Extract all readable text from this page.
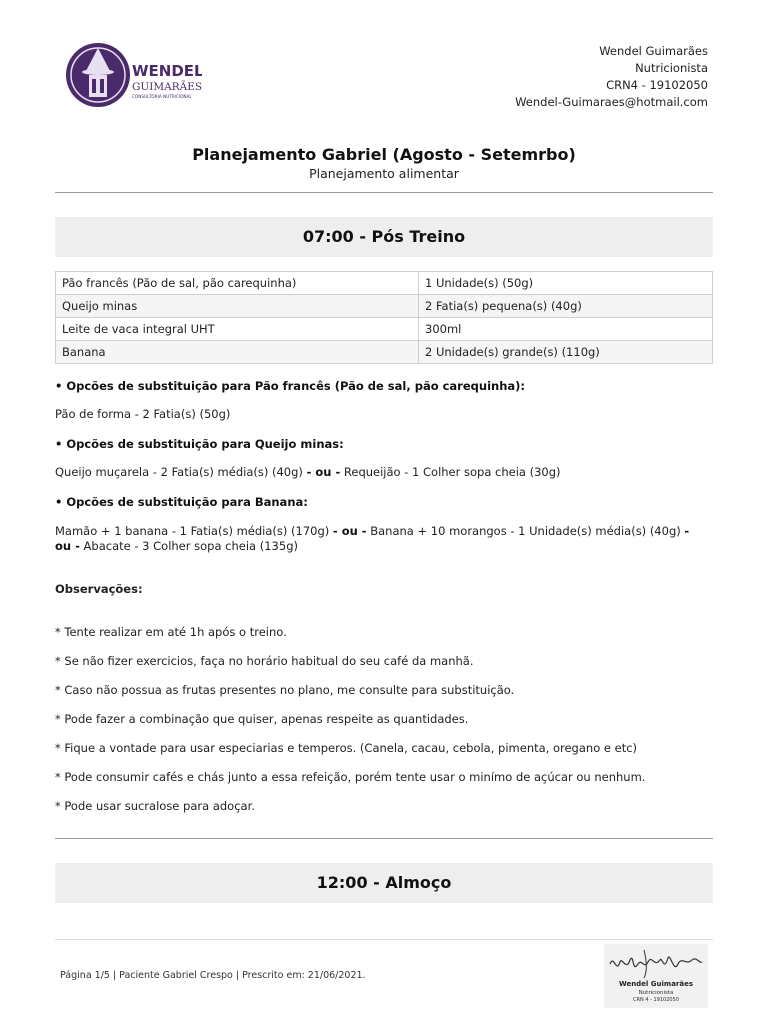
WENDEL
GUIMARÃES
CONSULTORIA NUTRICIONAL
Wendel Guimarães
Nutricionista
CRN4 - 19102050
Wendel-Guimaraes@hotmail.com
Planejamento Gabriel (Agosto - Setemrbo)
Planejamento alimentar
07:00 - Pós Treino
Pão francês (Pão de sal, pão carequinha)	1 Unidade(s) (50g)
Queijo minas	2 Fatia(s) pequena(s) (40g)
Leite de vaca integral UHT	300ml
Banana	2 Unidade(s) grande(s) (110g)
• Opcões de substituição para Pão francês (Pão de sal, pão carequinha):
Pão de forma - 2 Fatia(s) (50g)
• Opcões de substituição para Queijo minas:
Queijo muçarela - 2 Fatia(s) média(s) (40g) - ou - Requeijão - 1 Colher sopa cheia (30g)
• Opcões de substituição para Banana:
Mamão + 1 banana - 1 Fatia(s) média(s) (170g) - ou - Banana + 10 morangos - 1 Unidade(s) média(s) (40g) - ou - Abacate - 3 Colher sopa cheia (135g)
Observações:
* Tente realizar em até 1h após o treino.
* Se não fizer exercicios, faça no horário habitual do seu café da manhã.
* Caso não possua as frutas presentes no plano, me consulte para substituição.
* Pode fazer a combinação que quiser, apenas respeite as quantidades.
* Fique a vontade para usar especiarias e temperos. (Canela, cacau, cebola, pimenta, oregano e etc)
* Pode consumir cafés e chás junto a essa refeição, porém tente usar o minímo de açúcar ou nenhum.
* Pode usar sucralose para adoçar.
12:00 - Almoço
Página 1/5 | Paciente Gabriel Crespo | Prescrito em: 21/06/2021.
Wendel Guimarães
Nutricionista
CRN 4 - 19102050
